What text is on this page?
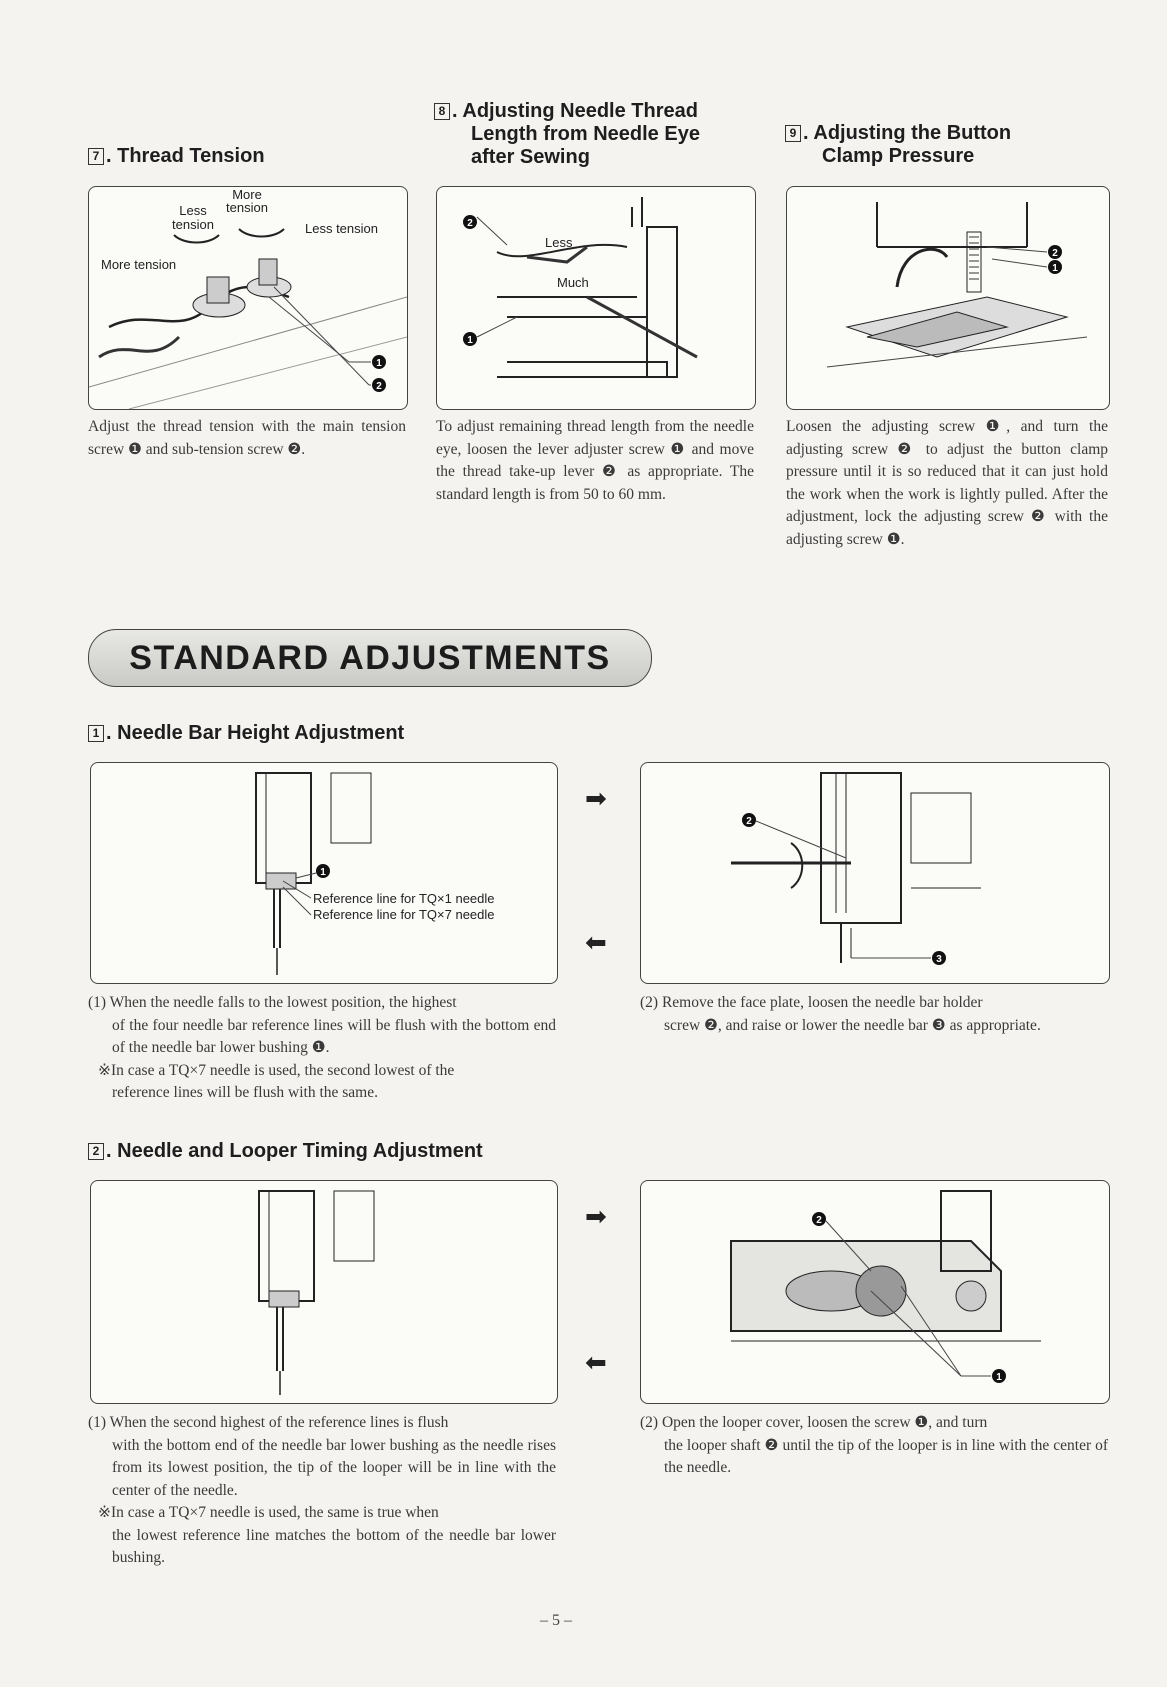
7 . Thread Tension
More
tension
Less
tension	Less tension
More tension
1
2
Adjust the thread tension with the main tension screw ❶ and sub-tension screw ❷.
8 . Adjusting Needle Thread
Length from Needle Eye
after Sewing
Less
Much
2
1
To adjust remaining thread length from the needle eye, loosen the lever adjuster screw ❶ and move the thread take-up lever ❷ as appropriate. The standard length is from 50 to 60 mm.
9 . Adjusting the Button
Clamp Pressure
2
1
Loosen the adjusting screw ❶, and turn the adjusting screw ❷ to adjust the button clamp pressure until it is so reduced that it can just hold the work when the work is lightly pulled. After the adjustment, lock the adjusting screw ❷ with the adjusting screw ❶.
STANDARD ADJUSTMENTS
1 . Needle Bar Height Adjustment
Reference line for TQ×1 needle
Reference line for TQ×7 needle
1
➡
⬅
2
3
(1) When the needle falls to the lowest position, the highest
of the four needle bar reference lines will be flush with the bottom end of the needle bar lower bushing ❶.
※In case a TQ×7 needle is used, the second lowest of the
reference lines will be flush with the same.
(2) Remove the face plate, loosen the needle bar holder
screw ❷, and raise or lower the needle bar ❸ as appropriate.
2 . Needle and Looper Timing Adjustment
➡
⬅
2
1
(1) When the second highest of the reference lines is flush
with the bottom end of the needle bar lower bushing as the needle rises from its lowest position, the tip of the looper will be in line with the center of the needle.
※In case a TQ×7 needle is used, the same is true when
the lowest reference line matches the bottom of the needle bar lower bushing.
(2) Open the looper cover, loosen the screw ❶, and turn
the looper shaft ❷ until the tip of the looper is in line with the center of the needle.
– 5 –
